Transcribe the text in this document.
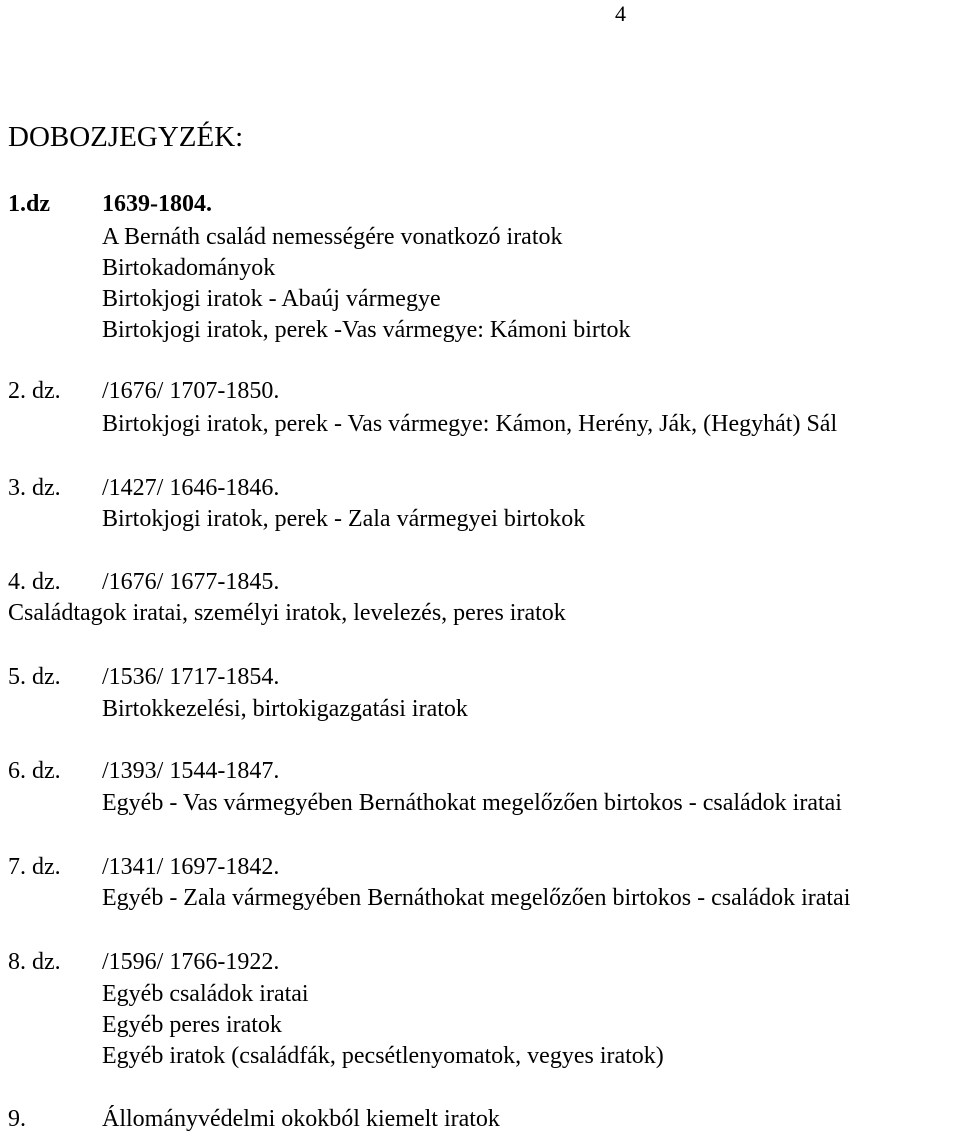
4
DOBOZJEGYZÉK:
1.dz 1639-1804.
A Bernáth család nemességére vonatkozó iratok
Birtokadományok
Birtokjogi iratok - Abaúj vármegye
Birtokjogi iratok, perek -Vas vármegye: Kámoni birtok
2. dz. /1676/ 1707-1850.
Birtokjogi iratok, perek - Vas vármegye: Kámon, Herény, Ják, (Hegyhát) Sál
3. dz. /1427/ 1646-1846.
Birtokjogi iratok, perek - Zala vármegyei birtokok
4. dz. /1676/ 1677-1845.
Családtagok iratai, személyi iratok, levelezés, peres iratok
5. dz. /1536/ 1717-1854.
Birtokkezelési, birtokigazgatási iratok
6. dz. /1393/ 1544-1847.
Egyéb - Vas vármegyében Bernáthokat megelőzően birtokos - családok iratai
7. dz. /1341/ 1697-1842.
Egyéb - Zala vármegyében Bernáthokat megelőzően birtokos - családok iratai
8. dz. /1596/ 1766-1922.
Egyéb családok iratai
Egyéb peres iratok
Egyéb iratok (családfák, pecsétlenyomatok, vegyes iratok)
9.	Állományvédelmi okokból kiemelt iratok
